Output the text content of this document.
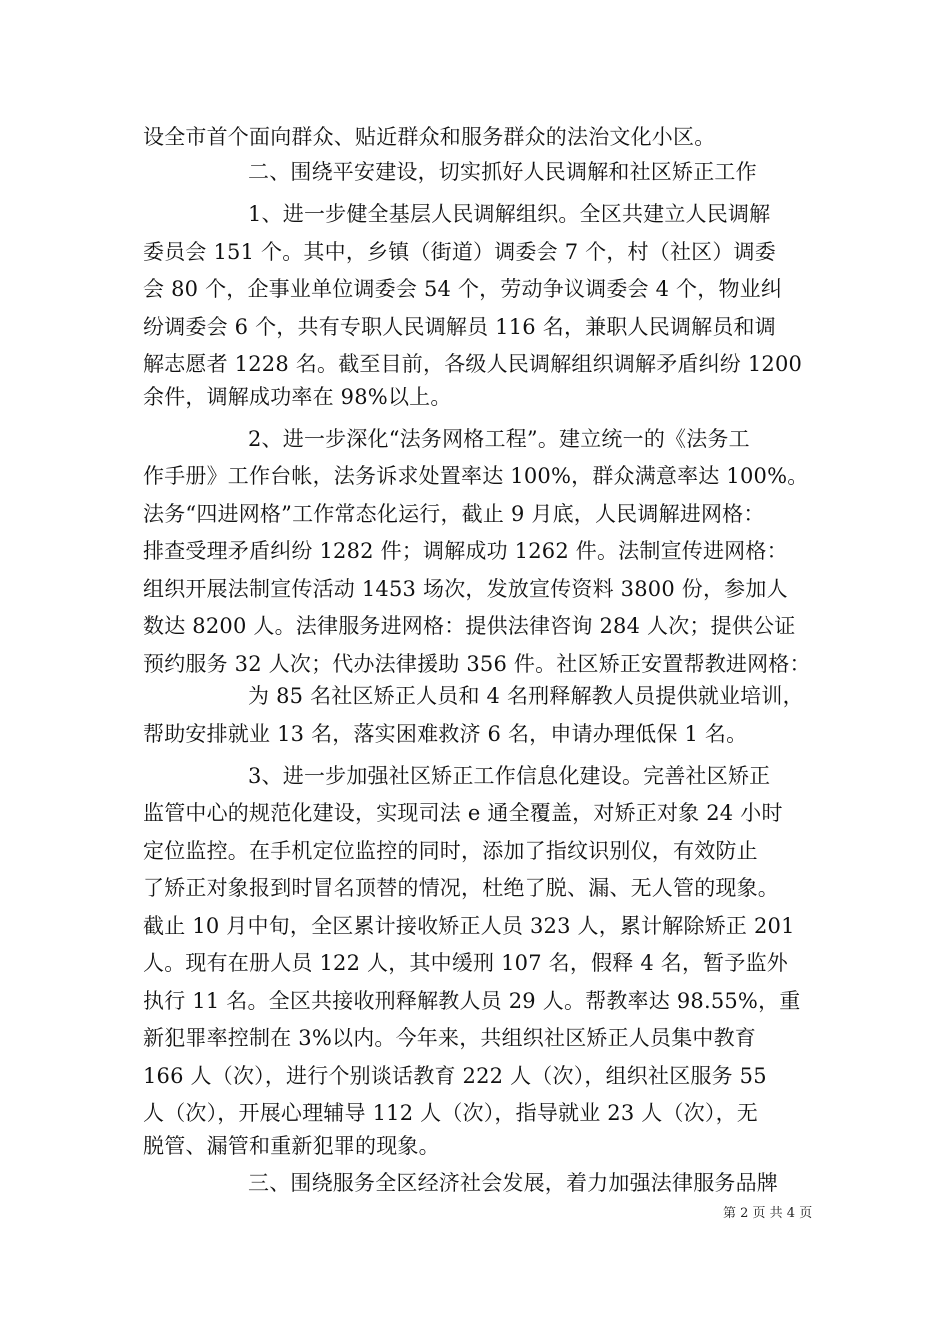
设全市首个面向群众、贴近群众和服务群众的法治文化小区。
二、围绕平安建设，切实抓好人民调解和社区矫正工作
1、进一步健全基层人民调解组织。全区共建立人民调解
委员会 151 个。其中，乡镇（街道）调委会 7 个，村（社区）调委
会 80 个，企事业单位调委会 54 个，劳动争议调委会 4 个，物业纠
纷调委会 6 个，共有专职人民调解员 116 名，兼职人民调解员和调
解志愿者 1228 名。截至目前，各级人民调解组织调解矛盾纠纷 1200
余件，调解成功率在 98%以上。
2、进一步深化“法务网格工程”。建立统一的《法务工
作手册》工作台帐，法务诉求处置率达 100%，群众满意率达 100%。
法务“四进网格”工作常态化运行，截止 9 月底，人民调解进网格：
排查受理矛盾纠纷 1282 件；调解成功 1262 件。法制宣传进网格：
组织开展法制宣传活动 1453 场次，发放宣传资料 3800 份，参加人
数达 8200 人。法律服务进网格：提供法律咨询 284 人次；提供公证
预约服务 32 人次；代办法律援助 356 件。社区矫正安置帮教进网格：
为 85 名社区矫正人员和 4 名刑释解教人员提供就业培训，
帮助安排就业 13 名，落实困难救济 6 名，申请办理低保 1 名。
3、进一步加强社区矫正工作信息化建设。完善社区矫正
监管中心的规范化建设，实现司法 e 通全覆盖，对矫正对象 24 小时
定位监控。在手机定位监控的同时，添加了指纹识别仪，有效防止
了矫正对象报到时冒名顶替的情况，杜绝了脱、漏、无人管的现象。
截止 10 月中旬，全区累计接收矫正人员 323 人，累计解除矫正 201
人。现有在册人员 122 人，其中缓刑 107 名，假释 4 名，暂予监外
执行 11 名。全区共接收刑释解教人员 29 人。帮教率达 98.55%，重
新犯罪率控制在 3%以内。今年来，共组织社区矫正人员集中教育
166 人（次），进行个别谈话教育 222 人（次），组织社区服务 55
人（次），开展心理辅导 112 人（次），指导就业 23 人（次），无
脱管、漏管和重新犯罪的现象。
三、围绕服务全区经济社会发展，着力加强法律服务品牌
第 2 页 共 4 页
